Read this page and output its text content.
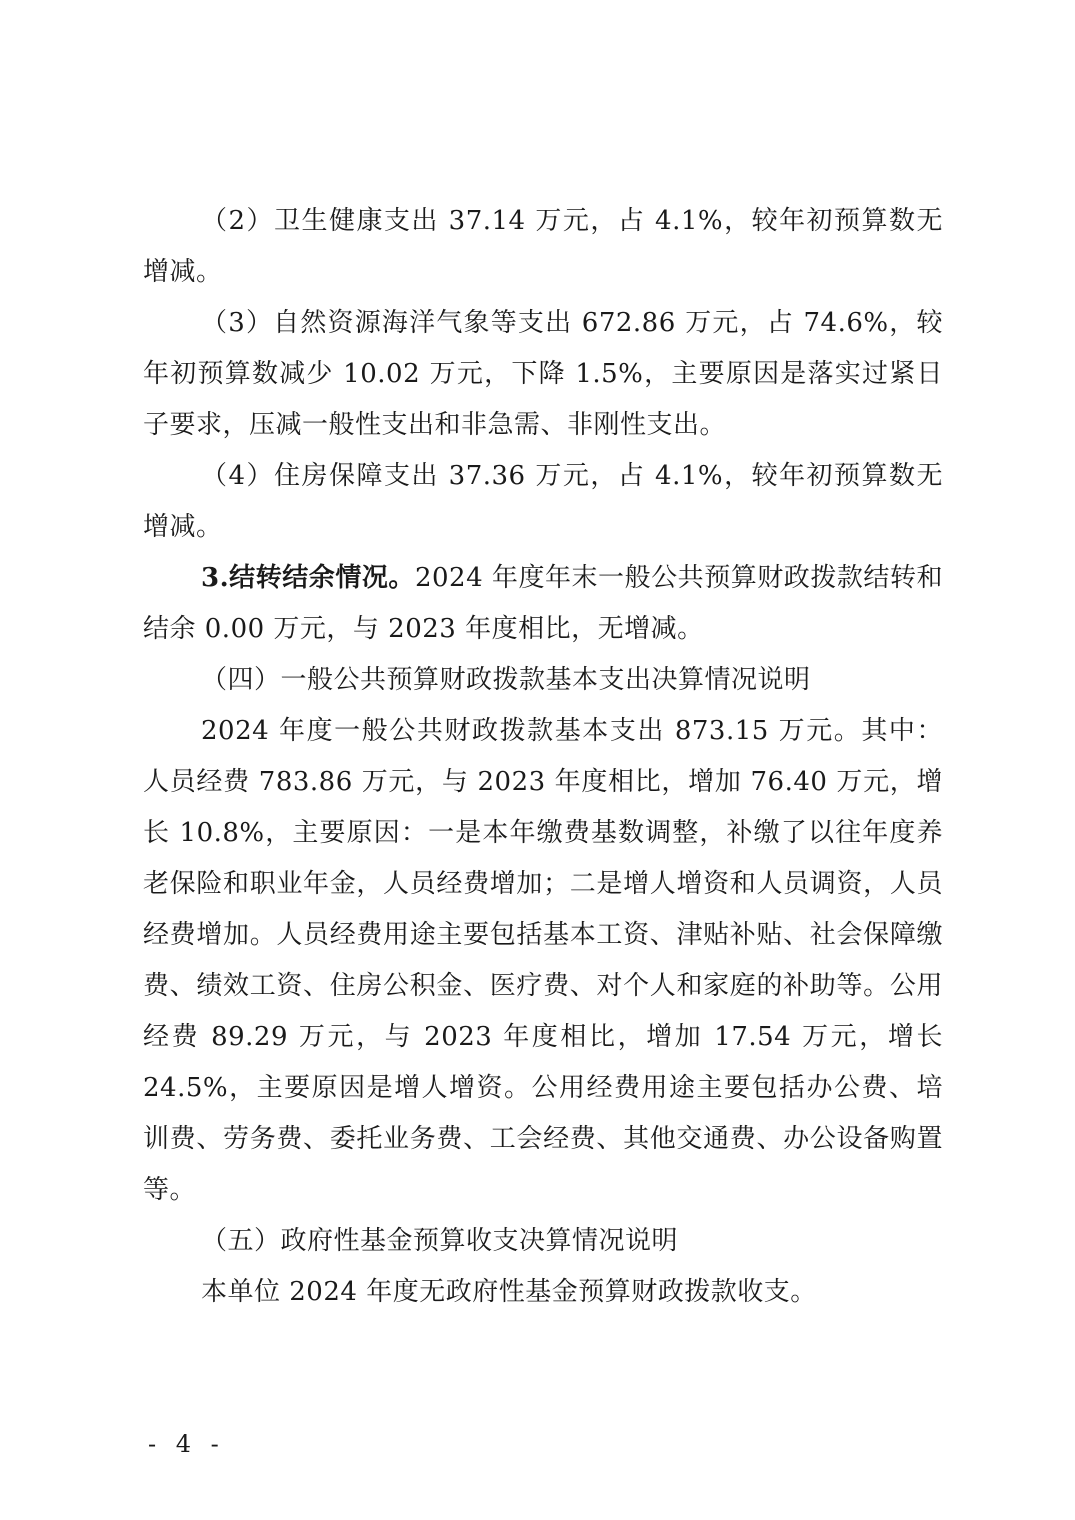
（2）卫生健康支出 37.14 万元，占 4.1%，较年初预算数无增减。

（3）自然资源海洋气象等支出 672.86 万元，占 74.6%，较年初预算数减少 10.02 万元，下降 1.5%，主要原因是落实过紧日子要求，压减一般性支出和非急需、非刚性支出。

（4）住房保障支出 37.36 万元，占 4.1%，较年初预算数无增减。

3.结转结余情况。2024 年度年末一般公共预算财政拨款结转和结余 0.00 万元，与 2023 年度相比，无增减。

（四）一般公共预算财政拨款基本支出决算情况说明

2024 年度一般公共财政拨款基本支出 873.15 万元。其中：人员经费 783.86 万元，与 2023 年度相比，增加 76.40 万元，增长 10.8%，主要原因：一是本年缴费基数调整，补缴了以往年度养老保险和职业年金，人员经费增加；二是增人增资和人员调资，人员经费增加。人员经费用途主要包括基本工资、津贴补贴、社会保障缴费、绩效工资、住房公积金、医疗费、对个人和家庭的补助等。公用经费 89.29 万元，与 2023 年度相比，增加 17.54 万元，增长 24.5%，主要原因是增人增资。公用经费用途主要包括办公费、培训费、劳务费、委托业务费、工会经费、其他交通费、办公设备购置等。

（五）政府性基金预算收支决算情况说明

本单位 2024 年度无政府性基金预算财政拨款收支。

- 4 -
